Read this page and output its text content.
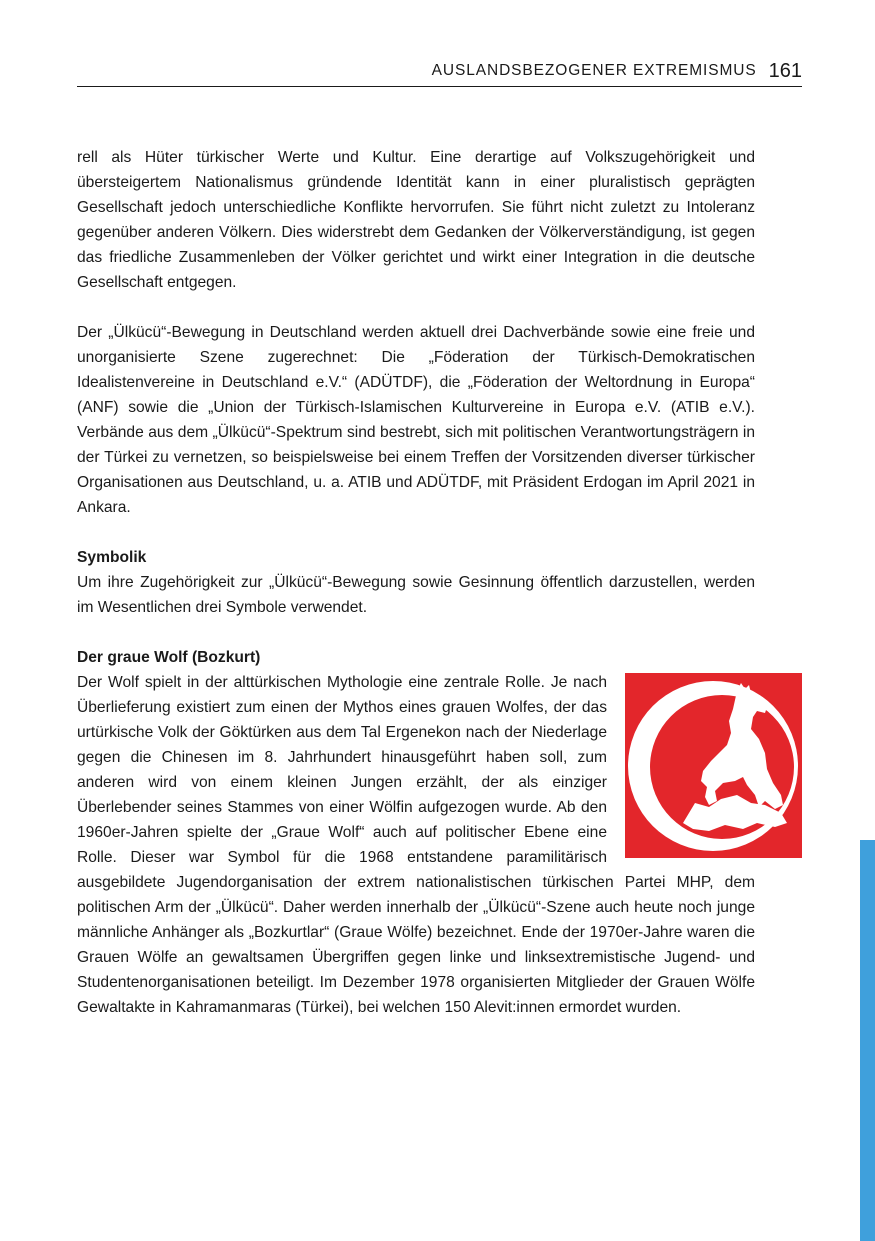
AUSLANDSBEZOGENER EXTREMISMUS 161

rell als Hüter türkischer Werte und Kultur. Eine derartige auf Volkszugehörigkeit und übersteigertem Nationalismus gründende Identität kann in einer pluralistisch geprägten Gesellschaft jedoch unterschiedliche Konflikte hervorrufen. Sie führt nicht zuletzt zu Intoleranz gegenüber anderen Völkern. Dies widerstrebt dem Gedanken der Völkerverständigung, ist gegen das friedliche Zusammenleben der Völker gerichtet und wirkt einer Integration in die deutsche Gesellschaft entgegen.

Der „Ülkücü“-Bewegung in Deutschland werden aktuell drei Dachverbände sowie eine freie und unorganisierte Szene zugerechnet: Die „Föderation der Türkisch-Demokratischen Idealistenvereine in Deutschland e.V.“ (ADÜTDF), die „Föderation der Weltordnung in Europa“ (ANF) sowie die „Union der Türkisch-Islamischen Kulturvereine in Europa e.V. (ATIB e.V.). Verbände aus dem „Ülkücü“-Spektrum sind bestrebt, sich mit politischen Verantwortungsträgern in der Türkei zu vernetzen, so beispielsweise bei einem Treffen der Vorsitzenden diverser türkischer Organisationen aus Deutschland, u. a. ATIB und ADÜTDF, mit Präsident Erdogan im April 2021 in Ankara.

Symbolik

Um ihre Zugehörigkeit zur „Ülkücü“-Bewegung sowie Gesinnung öffentlich darzustellen, werden im Wesentlichen drei Symbole verwendet.

Der graue Wolf (Bozkurt)

Der Wolf spielt in der alttürkischen Mythologie eine zentrale Rolle. Je nach Überlieferung existiert zum einen der Mythos eines grauen Wolfes, der das urtürkische Volk der Göktürken aus dem Tal Ergenekon nach der Niederlage gegen die Chinesen im 8. Jahrhundert hinausgeführt haben soll, zum anderen wird von einem kleinen Jungen erzählt, der als einziger Überlebender seines Stammes von einer Wölfin aufgezogen wurde. Ab den 1960er-Jahren spielte der „Graue Wolf“ auch auf politischer Ebene eine Rolle. Dieser war Symbol für die 1968 entstandene paramilitärisch ausgebildete Jugendorganisation der extrem nationalistischen türkischen Partei MHP, dem politischen Arm der „Ülkücü“. Daher werden innerhalb der „Ülkücü“-Szene auch heute noch junge männliche Anhänger als „Bozkurtlar“ (Graue Wölfe) bezeichnet. Ende der 1970er-Jahre waren die Grauen Wölfe an gewaltsamen Übergriffen gegen linke und linksextremistische Jugend- und Studentenorganisationen beteiligt. Im Dezember 1978 organisierten Mitglieder der Grauen Wölfe Gewaltakte in Kahramanmaras (Türkei), bei welchen 150 Alevit:innen ermordet wurden.
